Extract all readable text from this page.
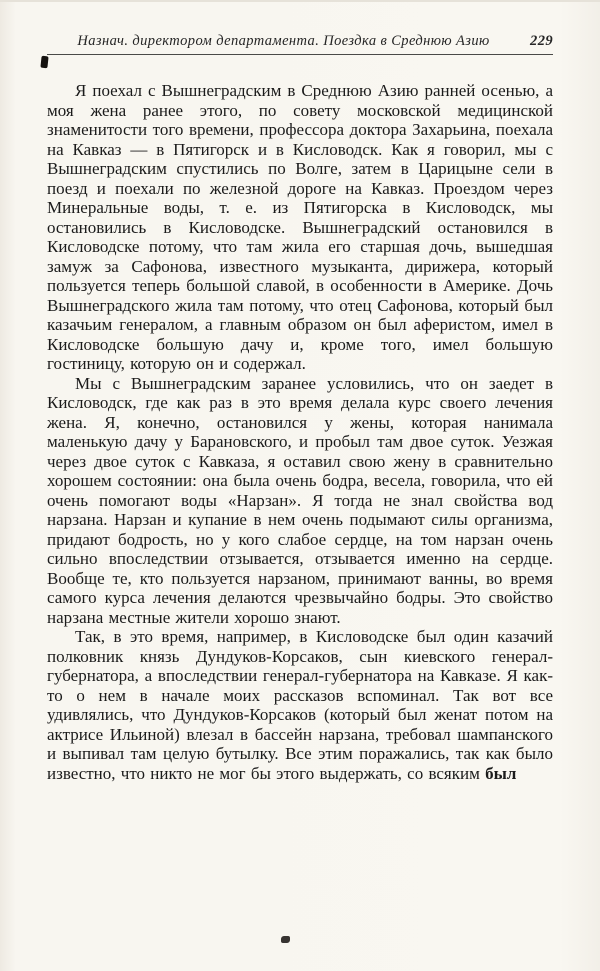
Назнач. директором департамента. Поездка в Среднюю Азию	229

Я поехал с Вышнеградским в Среднюю Азию ранней осенью, а моя жена ранее этого, по совету московской медицинской знаменитости того времени, профессора доктора Захарьина, поехала на Кавказ — в Пятигорск и в Кисловодск. Как я говорил, мы с Вышнеградским спустились по Волге, затем в Царицыне сели в поезд и поехали по железной дороге на Кавказ. Проездом через Минеральные воды, т. е. из Пятигорска в Кисловодск, мы остановились в Кисловодске. Вышнеградский остановился в Кисловодске потому, что там жила его старшая дочь, вышедшая замуж за Сафонова, известного музыканта, дирижера, который пользуется теперь большой славой, в особенности в Америке. Дочь Вышнеградского жила там потому, что отец Сафонова, который был казачьим генералом, а главным образом он был аферистом, имел в Кисловодске большую дачу и, кроме того, имел большую гостиницу, которую он и содержал.

Мы с Вышнеградским заранее условились, что он заедет в Кисловодск, где как раз в это время делала курс своего лечения жена. Я, конечно, остановился у жены, которая нанимала маленькую дачу у Барановского, и пробыл там двое суток. Уезжая через двое суток с Кавказа, я оставил свою жену в сравнительно хорошем состоянии: она была очень бодра, весела, говорила, что ей очень помогают воды «Нарзан». Я тогда не знал свойства вод нарзана. Нарзан и купание в нем очень подымают силы организма, придают бодрость, но у кого слабое сердце, на том нарзан очень сильно впоследствии отзывается, отзывается именно на сердце. Вообще те, кто пользуется нарзаном, принимают ванны, во время самого курса лечения делаются чрезвычайно бодры. Это свойство нарзана местные жители хорошо знают.

Так, в это время, например, в Кисловодске был один казачий полковник князь Дундуков-Корсаков, сын киевского генерал-губернатора, а впоследствии генерал-губернатора на Кавказе. Я как-то о нем в начале моих рассказов вспоминал. Так вот все удивлялись, что Дундуков-Корсаков (который был женат потом на актрисе Ильиной) влезал в бассейн нарзана, требовал шампанского и выпивал там целую бутылку. Все этим поражались, так как было известно, что никто не мог бы этого выдержать, со всяким был
